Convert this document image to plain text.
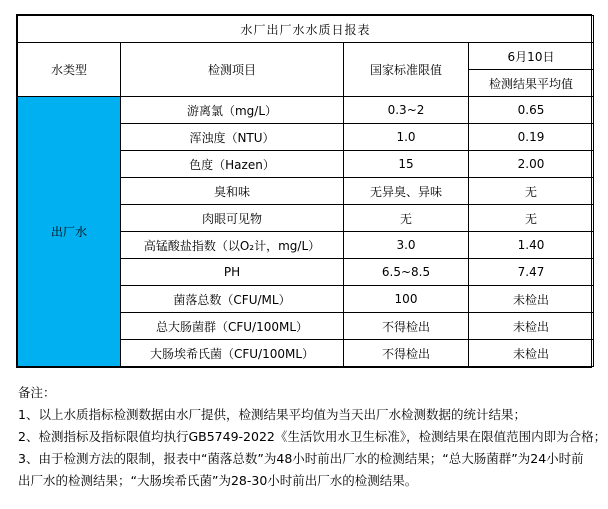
水厂出厂水水质日报表			
水类型	检测项目	国家标准限值	6月10日
			检测结果平均值
出厂水	游离氯（mg/L）	0.3~2	0.65
	浑浊度（NTU）	1.0	0.19
	色度（Hazen）	15	2.00
	臭和味	无异臭、异味	无
	肉眼可见物	无	无
	高锰酸盐指数（以O₂计，mg/L）	3.0	1.40
	PH	6.5~8.5	7.47
	菌落总数（CFU/ML）	100	未检出
	总大肠菌群（CFU/100ML）	不得检出	未检出
	大肠埃希氏菌（CFU/100ML）	不得检出	未检出
备注：
1、以上水质指标检测数据由水厂提供，检测结果平均值为当天出厂水检测数据的统计结果；
2、检测指标及指标限值均执行GB5749-2022《生活饮用水卫生标准》，检测结果在限值范围内即为合格；
3、由于检测方法的限制，报表中“菌落总数”为48小时前出厂水的检测结果；“总大肠菌群”为24小时前出厂水的检测结果；“大肠埃希氏菌”为28-30小时前出厂水的检测结果。
